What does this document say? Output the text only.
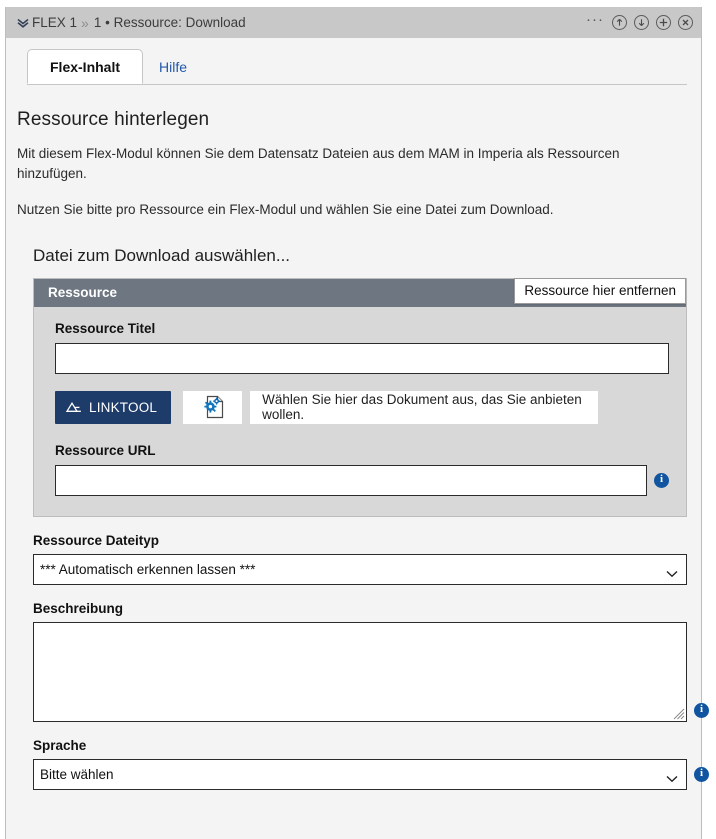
FLEX 1 » 1 • Ressource: Download	···
Flex-Inhalt	Hilfe
Ressource hinterlegen

Mit diesem Flex-Modul können Sie dem Datensatz Dateien aus dem MAM in Imperia als Ressourcen hinzufügen.

Nutzen Sie bitte pro Ressource ein Flex-Modul und wählen Sie eine Datei zum Download.

Datei zum Download auswählen...
Ressource	Ressource hier entfernen
Ressource Titel
LINKTOOL	Wählen Sie hier das Dokument aus, das Sie anbieten wollen.
Ressource URL
i
Ressource Dateityp
*** Automatisch erkennen lassen ***
Beschreibung
i
Sprache
Bitte wählen
i
